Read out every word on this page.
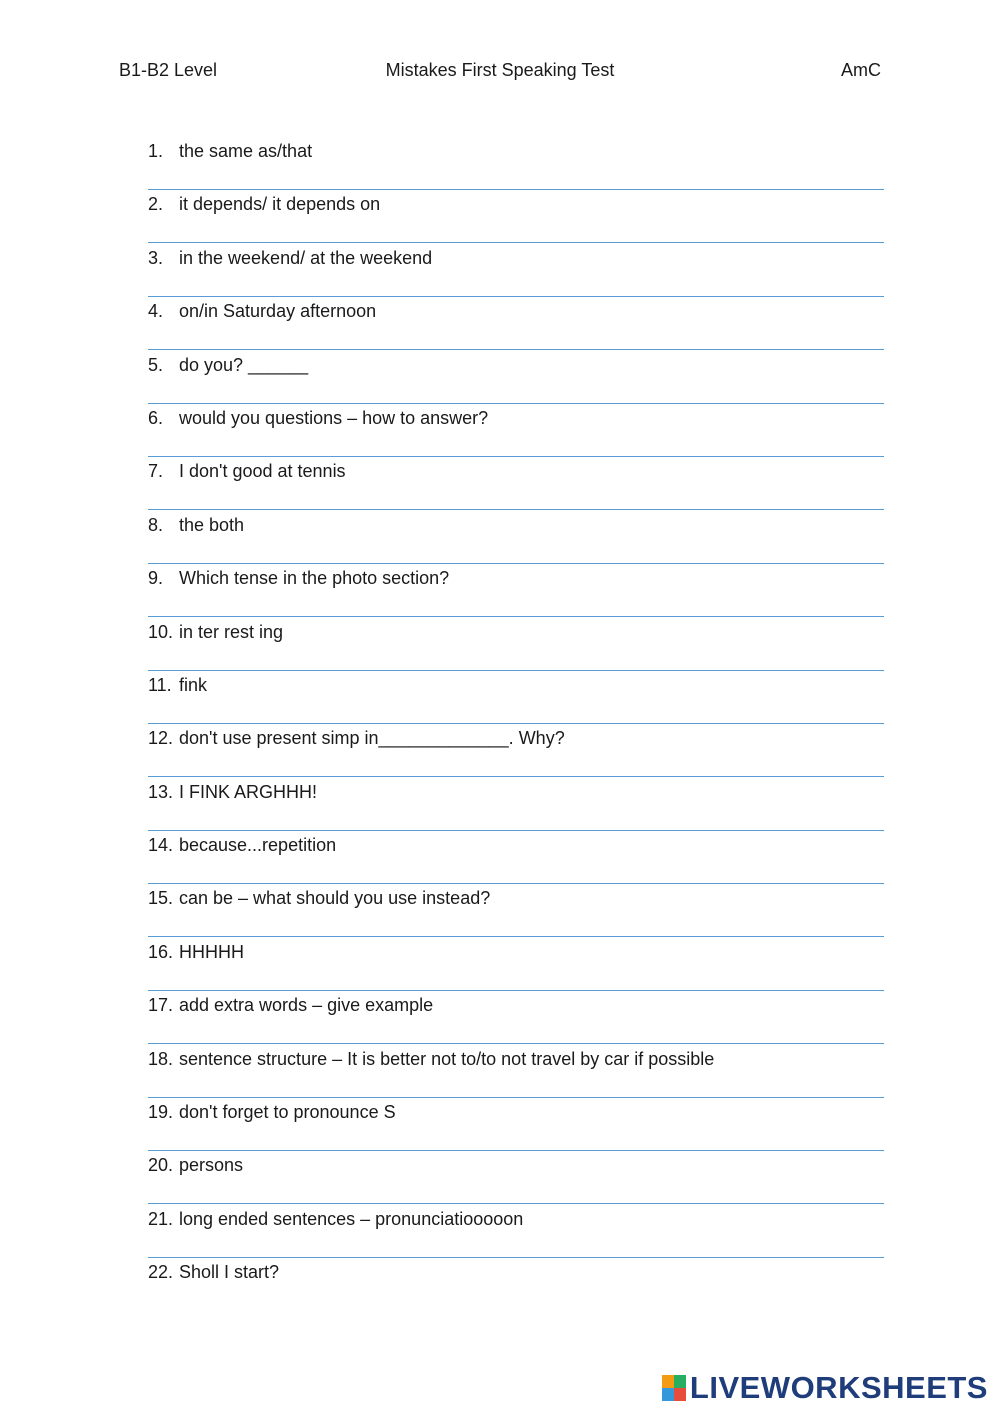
B1-B2 Level	Mistakes First Speaking Test	AmC
1. the same as/that
2. it depends/ it depends on
3. in the weekend/ at the weekend
4. on/in Saturday afternoon
5. do you? ______
6. would you questions – how to answer?
7. I don't good at tennis
8. the both
9. Which tense in the photo section?
10. in ter rest ing
11. fink
12. don't use present simp in_____________. Why?
13. I FINK ARGHHH!
14. because...repetition
15. can be – what should you use instead?
16. HHHHH
17. add extra words – give example
18. sentence structure – It is better not to/to not travel by car if possible
19. don't forget to pronounce S
20. persons
21. long ended sentences – pronunciatiooooon
22. Sholl I start?
LIVEWORKSHEETS
